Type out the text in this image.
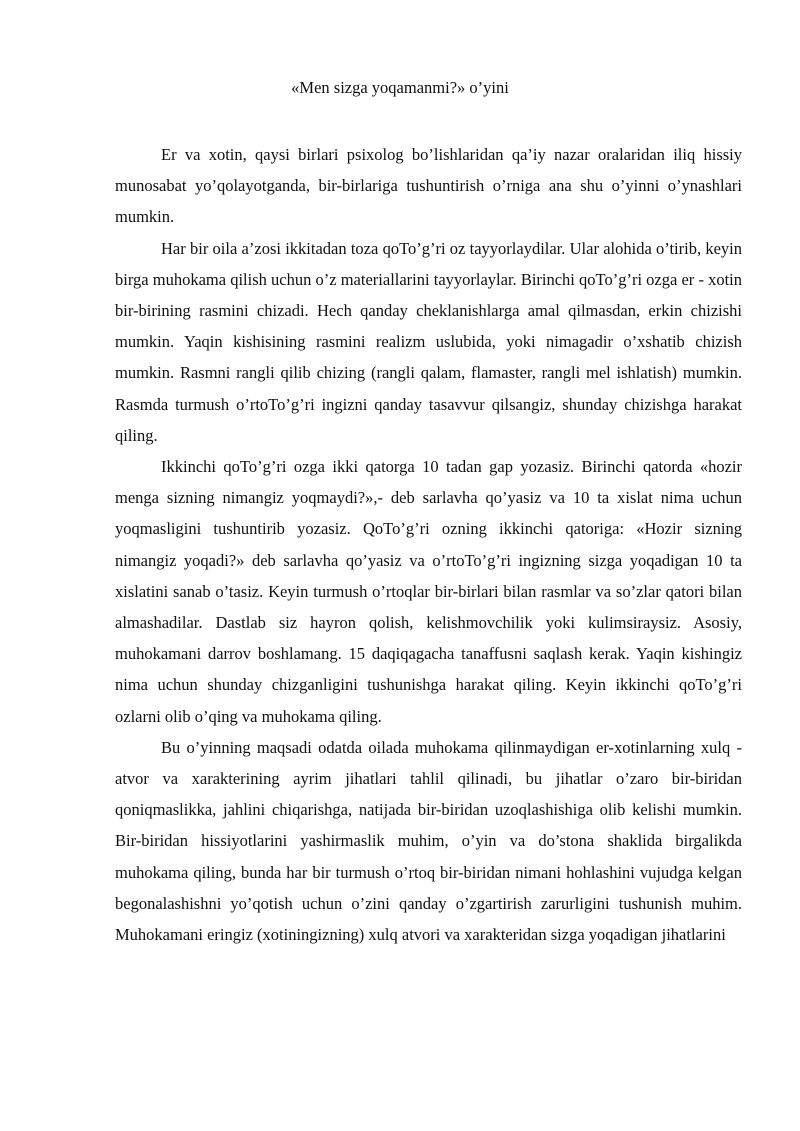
«Men sizga yoqamanmi?» o’yini

Er va xotin, qaysi birlari psixolog bo’lishlaridan qa’iy nazar oralaridan iliq hissiy munosabat yo’qolayotganda, bir-birlariga tushuntirish o’rniga ana shu o’yinni o’ynashlari mumkin.

Har bir oila a’zosi ikkitadan toza qoTo’g’ri oz tayyorlaydilar. Ular alohida o’tirib, keyin birga muhokama qilish uchun o’z materiallarini tayyorlaylar. Birinchi qoTo’g’ri ozga er - xotin bir-birining rasmini chizadi. Hech qanday cheklanishlarga amal qilmasdan, erkin chizishi mumkin. Yaqin kishisining rasmini realizm uslubida, yoki nimagadir o’xshatib chizish mumkin. Rasmni rangli qilib chizing (rangli qalam, flamaster, rangli mel ishlatish) mumkin. Rasmda turmush o’rtoTo’g’ri ingizni qanday tasavvur qilsangiz, shunday chizishga harakat qiling.

Ikkinchi qoTo’g’ri ozga ikki qatorga 10 tadan gap yozasiz. Birinchi qatorda «hozir menga sizning nimangiz yoqmaydi?»,- deb sarlavha qo’yasiz va 10 ta xislat nima uchun yoqmasligini tushuntirib yozasiz. QoTo’g’ri ozning ikkinchi qatoriga: «Hozir sizning nimangiz yoqadi?» deb sarlavha qo’yasiz va o’rtoTo’g’ri ingizning sizga yoqadigan 10 ta xislatini sanab o’tasiz. Keyin turmush o’rtoqlar bir-birlari bilan rasmlar va so’zlar qatori bilan almashadilar. Dastlab siz hayron qolish, kelishmovchilik yoki kulimsiraysiz. Asosiy, muhokamani darrov boshlamang. 15 daqiqagacha tanaffusni saqlash kerak. Yaqin kishingiz nima uchun shunday chizganligini tushunishga harakat qiling. Keyin ikkinchi qoTo’g’ri ozlarni olib o’qing va muhokama qiling.

Bu o’yinning maqsadi odatda oilada muhokama qilinmaydigan er-xotinlarning xulq - atvor va xarakterining ayrim jihatlari tahlil qilinadi, bu jihatlar o’zaro bir-biridan qoniqmaslikka, jahlini chiqarishga, natijada bir-biridan uzoqlashishiga olib kelishi mumkin. Bir-biridan hissiyotlarini yashirmaslik muhim, o’yin va do’stona shaklida birgalikda muhokama qiling, bunda har bir turmush o’rtoq bir-biridan nimani hohlashini vujudga kelgan begonalashishni yo’qotish uchun o’zini qanday o’zgartirish zarurligini tushunish muhim. Muhokamani eringiz (xotiningizning) xulq atvori va xarakteridan sizga yoqadigan jihatlarini
